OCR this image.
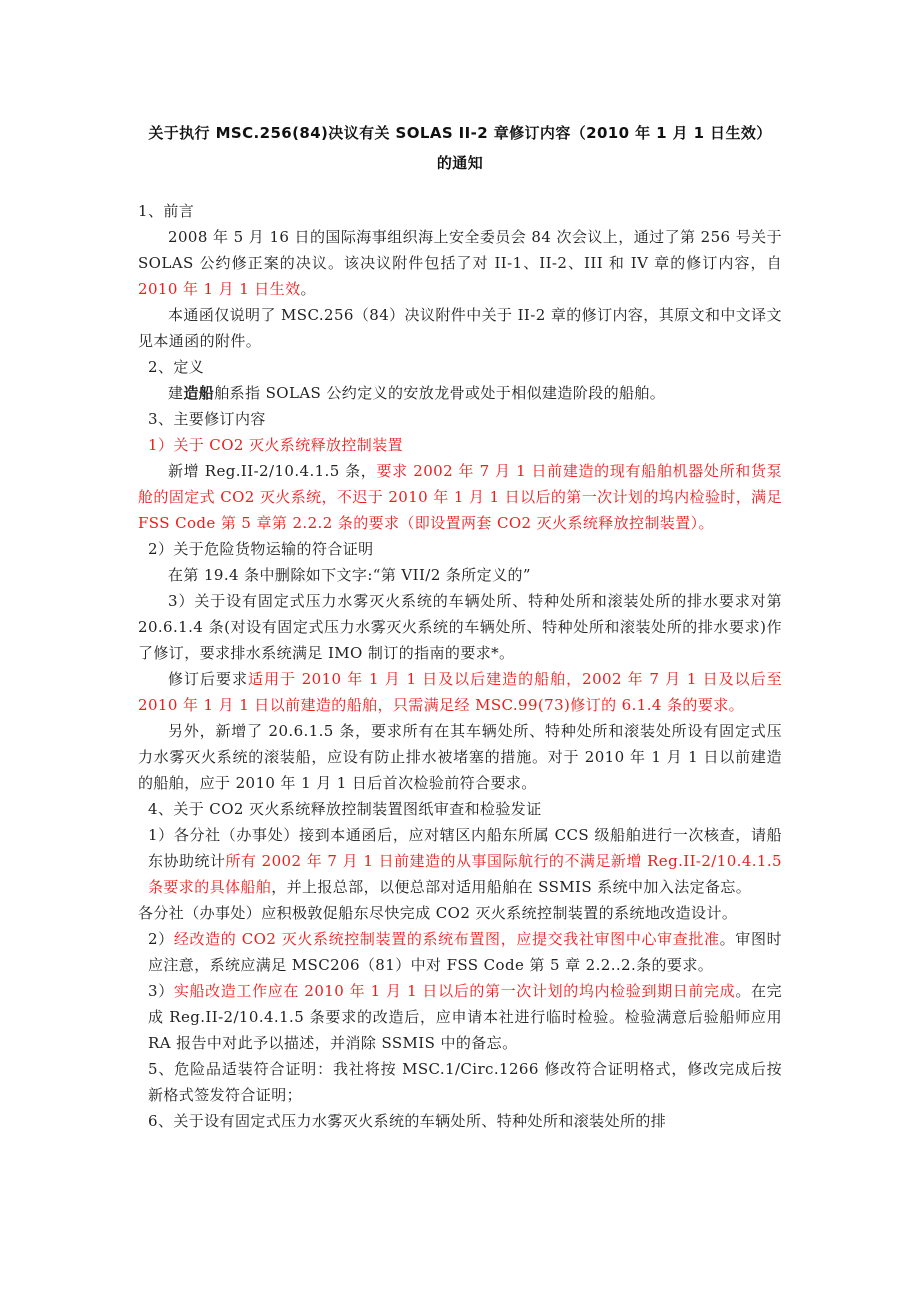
关于执行 MSC.256(84)决议有关 SOLAS II-2 章修订内容（2010 年 1 月 1 日生效）
的通知

1、前言

2008 年 5 月 16 日的国际海事组织海上安全委员会 84 次会议上，通过了第 256 号关于 SOLAS 公约修正案的决议。该决议附件包括了对 II-1、II-2、III 和 IV 章的修订内容，自 2010 年 1 月 1 日生效。

本通函仅说明了 MSC.256（84）决议附件中关于 II-2 章的修订内容，其原文和中文译文见本通函的附件。

2、定义

建造船舶系指 SOLAS 公约定义的安放龙骨或处于相似建造阶段的船舶。

3、主要修订内容

1）关于 CO2 灭火系统释放控制装置

新增 Reg.II-2/10.4.1.5 条，要求 2002 年 7 月 1 日前建造的现有船舶机器处所和货泵舱的固定式 CO2 灭火系统，不迟于 2010 年 1 月 1 日以后的第一次计划的坞内检验时，满足 FSS Code 第 5 章第 2.2.2 条的要求（即设置两套 CO2 灭火系统释放控制装置）。

2）关于危险货物运输的符合证明

在第 19.4 条中删除如下文字:“第 VII/2 条所定义的”

3）关于设有固定式压力水雾灭火系统的车辆处所、特种处所和滚装处所的排水要求对第 20.6.1.4 条(对设有固定式压力水雾灭火系统的车辆处所、特种处所和滚装处所的排水要求)作了修订，要求排水系统满足 IMO 制订的指南的要求*。

修订后要求适用于 2010 年 1 月 1 日及以后建造的船舶，2002 年 7 月 1 日及以后至 2010 年 1 月 1 日以前建造的船舶，只需满足经 MSC.99(73)修订的 6.1.4 条的要求。

另外，新增了 20.6.1.5 条，要求所有在其车辆处所、特种处所和滚装处所设有固定式压力水雾灭火系统的滚装船，应设有防止排水被堵塞的措施。对于 2010 年 1 月 1 日以前建造的船舶，应于 2010 年 1 月 1 日后首次检验前符合要求。

4、关于 CO2 灭火系统释放控制装置图纸审查和检验发证

1）各分社（办事处）接到本通函后，应对辖区内船东所属 CCS 级船舶进行一次核查，请船东协助统计所有 2002 年 7 月 1 日前建造的从事国际航行的不满足新增 Reg.II-2/10.4.1.5 条要求的具体船舶，并上报总部，以便总部对适用船舶在 SSMIS 系统中加入法定备忘。

各分社（办事处）应积极敦促船东尽快完成 CO2 灭火系统控制装置的系统地改造设计。

2）经改造的 CO2 灭火系统控制装置的系统布置图，应提交我社审图中心审查批准。审图时应注意，系统应满足 MSC206（81）中对 FSS Code 第 5 章 2.2..2.条的要求。

3）实船改造工作应在 2010 年 1 月 1 日以后的第一次计划的坞内检验到期日前完成。在完成 Reg.II-2/10.4.1.5 条要求的改造后，应申请本社进行临时检验。检验满意后验船师应用 RA 报告中对此予以描述，并消除 SSMIS 中的备忘。

5、危险品适装符合证明：我社将按 MSC.1/Circ.1266 修改符合证明格式，修改完成后按新格式签发符合证明；

6、关于设有固定式压力水雾灭火系统的车辆处所、特种处所和滚装处所的排
